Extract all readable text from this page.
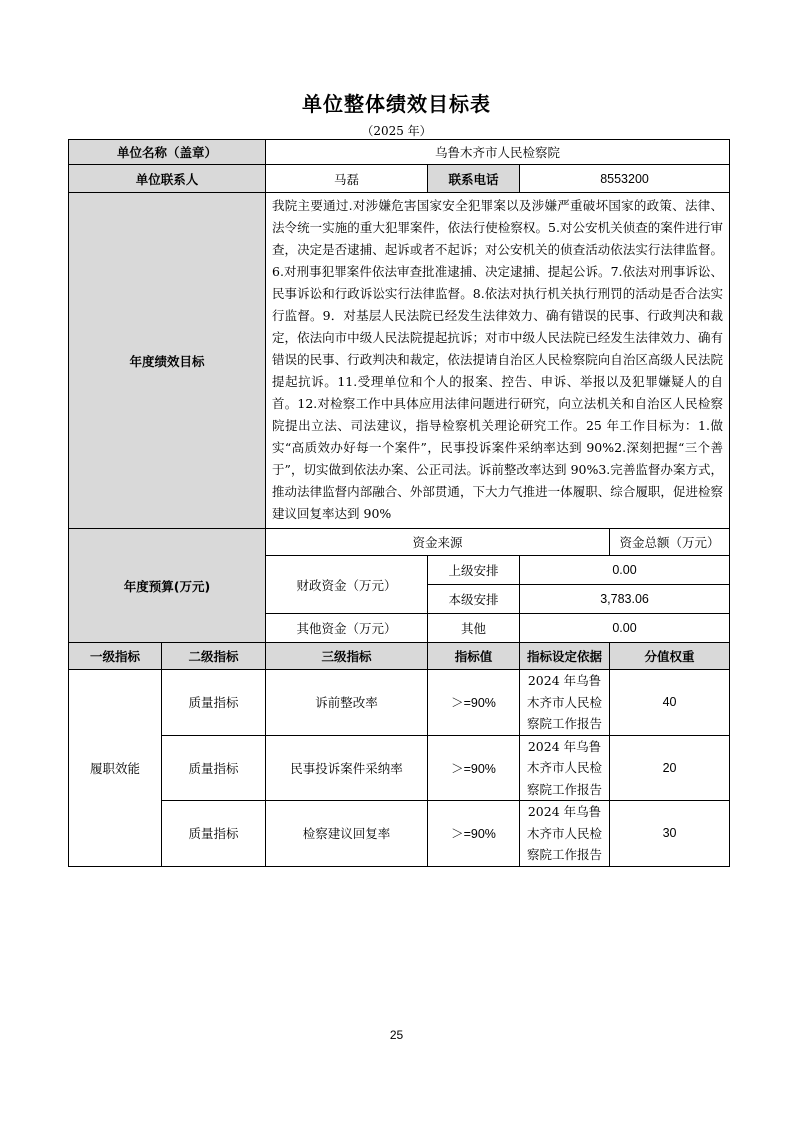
单位整体绩效目标表
（2025 年）
单位名称（盖章）		乌鲁木齐市人民检察院			
单位联系人		马磊	联系电话	8553200	
年度绩效目标		我院主要通过.对涉嫌危害国家安全犯罪案以及涉嫌严重破坏国家的政策、法律、法令统一实施的重大犯罪案件，依法行使检察权。5.对公安机关侦查的案件进行审查，决定是否逮捕、起诉或者不起诉；对公安机关的侦查活动依法实行法律监督。6.对刑事犯罪案件依法审查批准逮捕、决定逮捕、提起公诉。7.依法对刑事诉讼、民事诉讼和行政诉讼实行法律监督。8.依法对执行机关执行刑罚的活动是否合法实行监督。9．对基层人民法院已经发生法律效力、确有错误的民事、行政判决和裁定，依法向市中级人民法院提起抗诉；对市中级人民法院已经发生法律效力、确有错误的民事、行政判决和裁定，依法提请自治区人民检察院向自治区高级人民法院提起抗诉。11.受理单位和个人的报案、控告、申诉、举报以及犯罪嫌疑人的自首。12.对检察工作中具体应用法律问题进行研究，向立法机关和自治区人民检察院提出立法、司法建议，指导检察机关理论研究工作。25 年工作目标为：1.做实“高质效办好每一个案件”，民事投诉案件采纳率达到 90%2.深刻把握“三个善于”，切实做到依法办案、公正司法。诉前整改率达到 90%3.完善监督办案方式，推动法律监督内部融合、外部贯通，下大力气推进一体履职、综合履职，促进检察建议回复率达到 90%			
年度预算(万元)		资金来源			资金总额（万元）
		财政资金（万元）	上级安排	0.00	
			本级安排	3,783.06	
		其他资金（万元）	其他	0.00	
一级指标	二级指标	三级指标	指标值	指标设定依据	分值权重
履职效能	质量指标	诉前整改率	＞=90%	2024 年乌鲁木齐市人民检察院工作报告	40
	质量指标	民事投诉案件采纳率	＞=90%	2024 年乌鲁木齐市人民检察院工作报告	20
	质量指标	检察建议回复率	＞=90%	2024 年乌鲁木齐市人民检察院工作报告	30
25
